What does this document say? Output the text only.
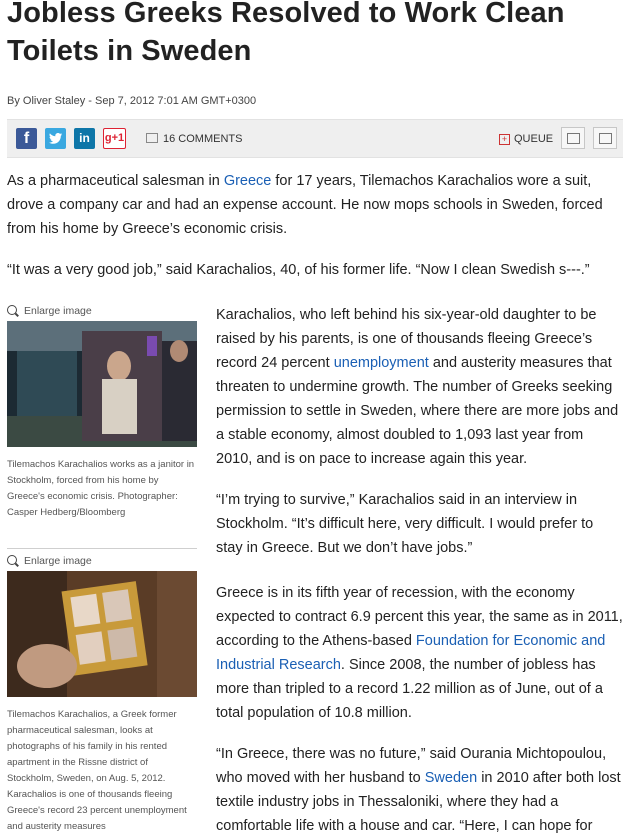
Jobless Greeks Resolved to Work Clean Toilets in Sweden
By Oliver Staley - Sep 7, 2012 7:01 AM GMT+0300
f	in	g+1	16 COMMENTS	+ QUEUE

As a pharmaceutical salesman in Greece for 17 years, Tilemachos Karachalios wore a suit, drove a company car and had an expense account. He now mops schools in Sweden, forced from his home by Greece’s economic crisis.

“It was a very good job,” said Karachalios, 40, of his former life. “Now I clean Swedish s---.”

Enlarge image

Tilemachos Karachalios works as a janitor in Stockholm, forced from his home by Greece's economic crisis. Photographer: Casper Hedberg/Bloomberg

Enlarge image

Tilemachos Karachalios, a Greek former pharmaceutical salesman, looks at photographs of his family in his rented apartment in the Rissne district of Stockholm, Sweden, on Aug. 5, 2012. Karachalios is one of thousands fleeing Greece's record 23 percent unemployment and austerity measures

Karachalios, who left behind his six-year-old daughter to be raised by his parents, is one of thousands fleeing Greece’s record 24 percent unemployment and austerity measures that threaten to undermine growth. The number of Greeks seeking permission to settle in Sweden, where there are more jobs and a stable economy, almost doubled to 1,093 last year from 2010, and is on pace to increase again this year.

“I’m trying to survive,” Karachalios said in an interview in Stockholm. “It’s difficult here, very difficult. I would prefer to stay in Greece. But we don’t have jobs.”

Greece is in its fifth year of recession, with the economy expected to contract 6.9 percent this year, the same as in 2011, according to the Athens-based Foundation for Economic and Industrial Research. Since 2008, the number of jobless has more than tripled to a record 1.22 million as of June, out of a total population of 10.8 million.

“In Greece, there was no future,” said Ourania Michtopoulou, who moved with her husband to Sweden in 2010 after both lost textile industry jobs in Thessaloniki, where they had a comfortable life with a house and car. “Here, I can hope for
